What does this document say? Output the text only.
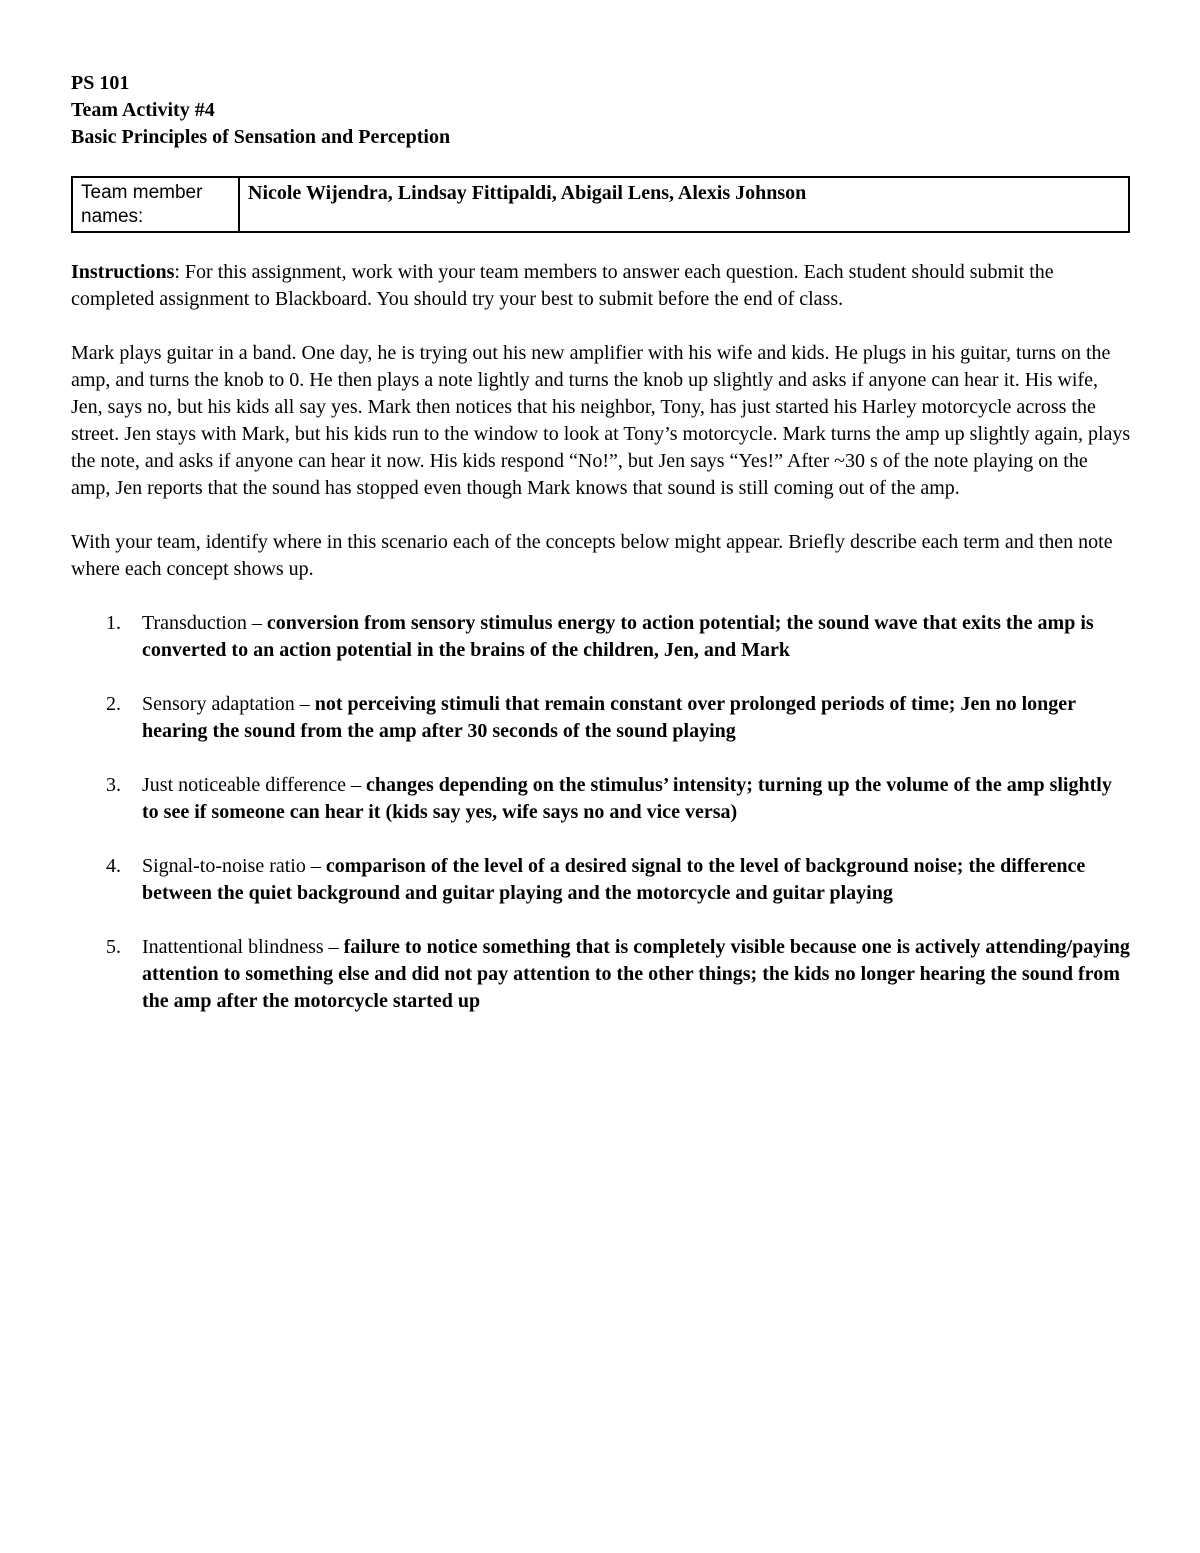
PS 101

Team Activity #4

Basic Principles of Sensation and Perception

Team member names:	Nicole Wijendra, Lindsay Fittipaldi, Abigail Lens, Alexis Johnson

Instructions: For this assignment, work with your team members to answer each question. Each student should submit the completed assignment to Blackboard. You should try your best to submit before the end of class.

Mark plays guitar in a band. One day, he is trying out his new amplifier with his wife and kids. He plugs in his guitar, turns on the amp, and turns the knob to 0. He then plays a note lightly and turns the knob up slightly and asks if anyone can hear it. His wife, Jen, says no, but his kids all say yes. Mark then notices that his neighbor, Tony, has just started his Harley motorcycle across the street. Jen stays with Mark, but his kids run to the window to look at Tony’s motorcycle. Mark turns the amp up slightly again, plays the note, and asks if anyone can hear it now. His kids respond “No!”, but Jen says “Yes!” After ~30 s of the note playing on the amp, Jen reports that the sound has stopped even though Mark knows that sound is still coming out of the amp.

With your team, identify where in this scenario each of the concepts below might appear. Briefly describe each term and then note where each concept shows up.

1. Transduction – conversion from sensory stimulus energy to action potential; the sound wave that exits the amp is converted to an action potential in the brains of the children, Jen, and Mark
2. Sensory adaptation – not perceiving stimuli that remain constant over prolonged periods of time; Jen no longer hearing the sound from the amp after 30 seconds of the sound playing
3. Just noticeable difference – changes depending on the stimulus’ intensity; turning up the volume of the amp slightly to see if someone can hear it (kids say yes, wife says no and vice versa)
4. Signal-to-noise ratio – comparison of the level of a desired signal to the level of background noise; the difference between the quiet background and guitar playing and the motorcycle and guitar playing
5. Inattentional blindness – failure to notice something that is completely visible because one is actively attending/paying attention to something else and did not pay attention to the other things; the kids no longer hearing the sound from the amp after the motorcycle started up
